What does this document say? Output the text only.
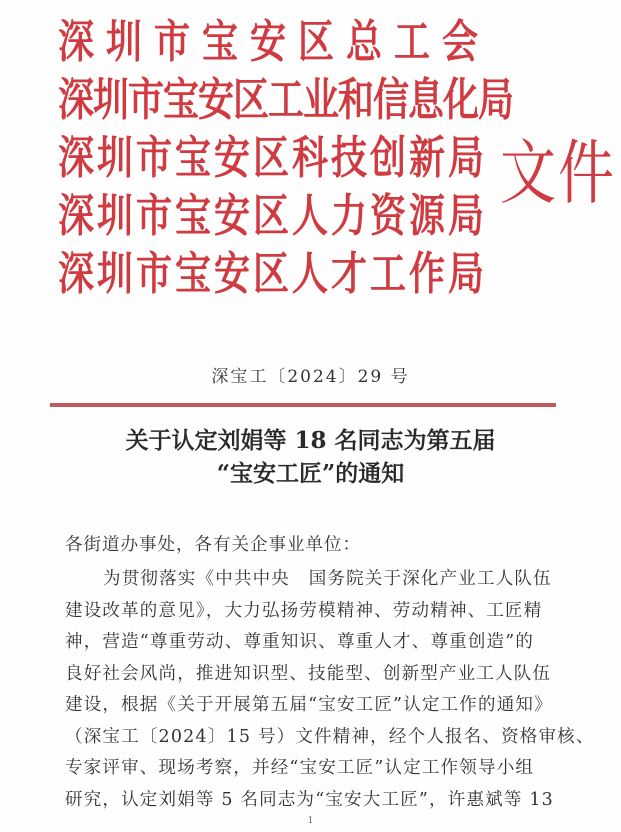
深圳市宝安区总工会
深圳市宝安区工业和信息化局
深圳市宝安区科技创新局
深圳市宝安区人力资源局
深圳市宝安区人才工作局
文件
深宝工〔2024〕29 号
关于认定刘娟等 18 名同志为第五届
“宝安工匠”的通知
各街道办事处，各有关企事业单位：
为贯彻落实《中共中央　国务院关于深化产业工人队伍
建设改革的意见》，大力弘扬劳模精神、劳动精神、工匠精
神，营造“尊重劳动、尊重知识、尊重人才、尊重创造”的
良好社会风尚，推进知识型、技能型、创新型产业工人队伍
建设，根据《关于开展第五届“宝安工匠”认定工作的通知》
（深宝工〔2024〕15 号）文件精神，经个人报名、资格审核、
专家评审、现场考察，并经“宝安工匠”认定工作领导小组
研究，认定刘娟等 5 名同志为“宝安大工匠”，许惠斌等 13
1
